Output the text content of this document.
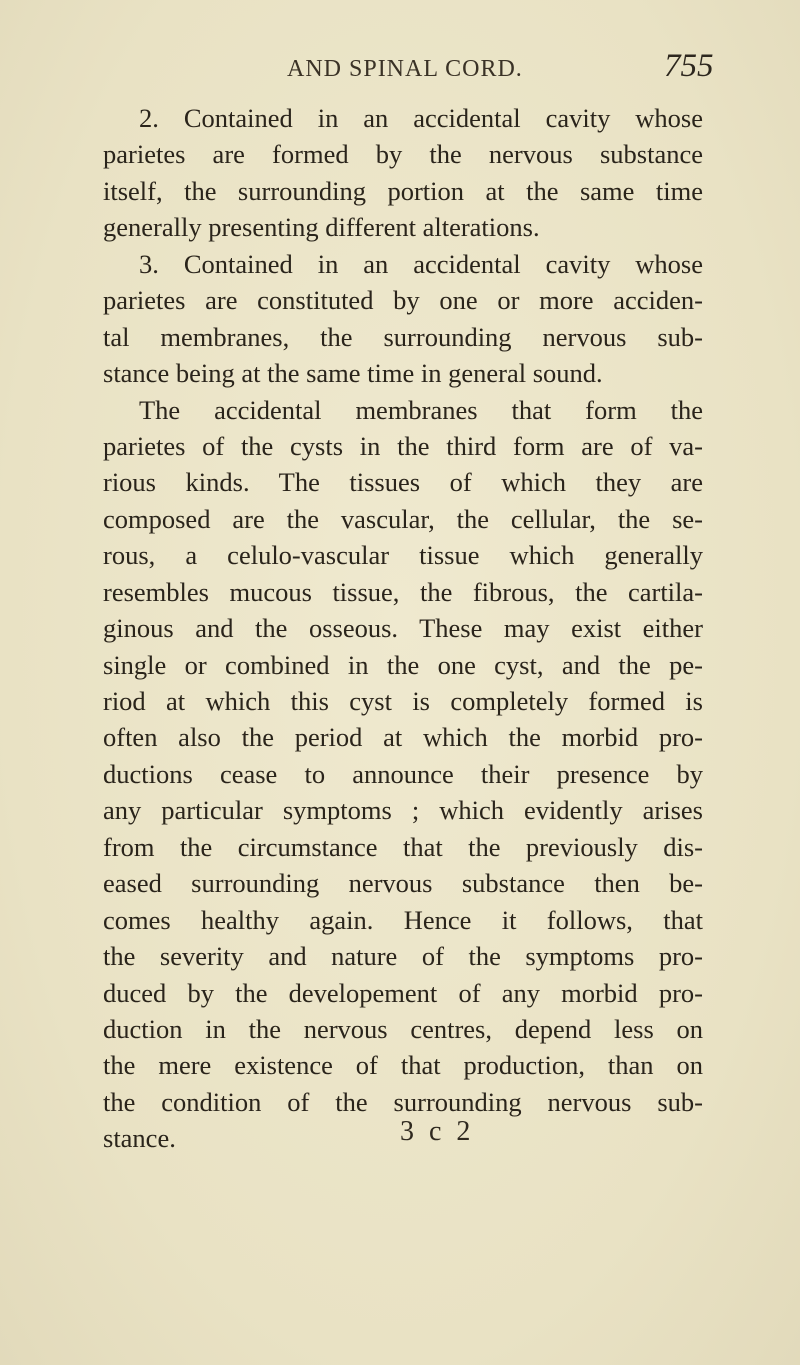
AND SPINAL CORD.	755
2. Contained in an accidental cavity whose
parietes are formed by the nervous substance
itself, the surrounding portion at the same time
generally presenting different alterations.
3. Contained in an accidental cavity whose
parietes are constituted by one or more acciden-
tal membranes, the surrounding nervous sub-
stance being at the same time in general sound.
The accidental membranes that form the
parietes of the cysts in the third form are of va-
rious kinds. The tissues of which they are
composed are the vascular, the cellular, the se-
rous, a celulo-vascular tissue which generally
resembles mucous tissue, the fibrous, the cartila-
ginous and the osseous. These may exist either
single or combined in the one cyst, and the pe-
riod at which this cyst is completely formed is
often also the period at which the morbid pro-
ductions cease to announce their presence by
any particular symptoms ; which evidently arises
from the circumstance that the previously dis-
eased surrounding nervous substance then be-
comes healthy again. Hence it follows, that
the severity and nature of the symptoms pro-
duced by the developement of any morbid pro-
duction in the nervous centres, depend less on
the mere existence of that production, than on
the condition of the surrounding nervous sub-
stance.	3 c 2
